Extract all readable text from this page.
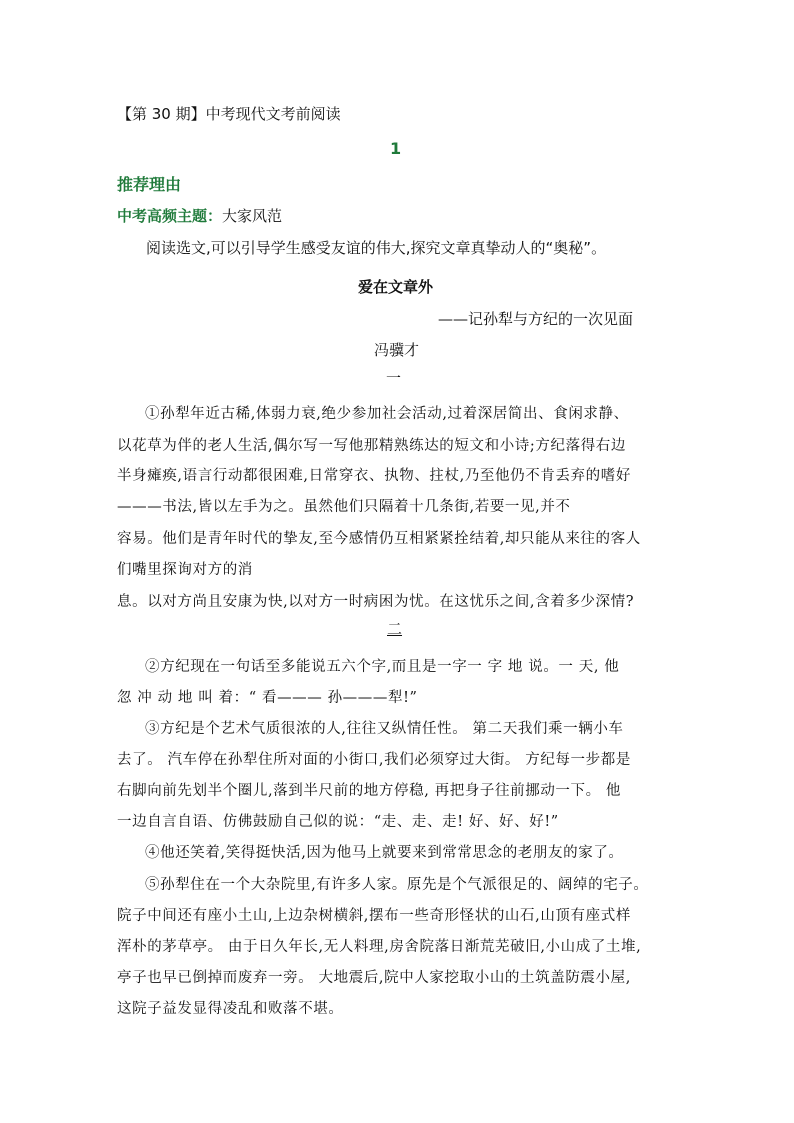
【第 30 期】中考现代文考前阅读
1
推荐理由
中考高频主题：大家风范
阅读选文,可以引导学生感受友谊的伟大,探究文章真挚动人的“奥秘”。
爱在文章外
——记孙犁与方纪的一次见面
冯骥才
一
①孙犁年近古稀,体弱力衰,绝少参加社会活动,过着深居简出、食闲求静、
以花草为伴的老人生活,偶尔写一写他那精熟练达的短文和小诗;方纪落得右边
半身瘫痪,语言行动都很困难,日常穿衣、执物、拄杖,乃至他仍不肯丢弃的嗜好
———书法,皆以左手为之。虽然他们只隔着十几条街,若要一见,并不
容易。他们是青年时代的挚友,至今感情仍互相紧紧拴结着,却只能从来往的客人
们嘴里探询对方的消
息。以对方尚且安康为快,以对方一时病困为忧。在这忧乐之间,含着多少深情?
二
②方纪现在一句话至多能说五六个字,而且是一字一 字 地 说。一 天, 他
忽 冲 动 地 叫 着：“ 看——— 孙———犁!”
③方纪是个艺术气质很浓的人,往往又纵情任性。 第二天我们乘一辆小车
去了。 汽车停在孙犁住所对面的小街口,我们必须穿过大街。 方纪每一步都是
右脚向前先划半个圈儿,落到半尺前的地方停稳, 再把身子往前挪动一下。 他
一边自言自语、仿佛鼓励自己似的说：“走、走、走! 好、好、好!”
④他还笑着,笑得挺快活,因为他马上就要来到常常思念的老朋友的家了。
⑤孙犁住在一个大杂院里,有许多人家。原先是个气派很足的、阔绰的宅子。
院子中间还有座小土山,上边杂树横斜,摆布一些奇形怪状的山石,山顶有座式样
浑朴的茅草亭。 由于日久年长,无人料理,房舍院落日渐荒芜破旧,小山成了土堆,
亭子也早已倒掉而废弃一旁。 大地震后,院中人家挖取小山的土筑盖防震小屋,
这院子益发显得凌乱和败落不堪。
